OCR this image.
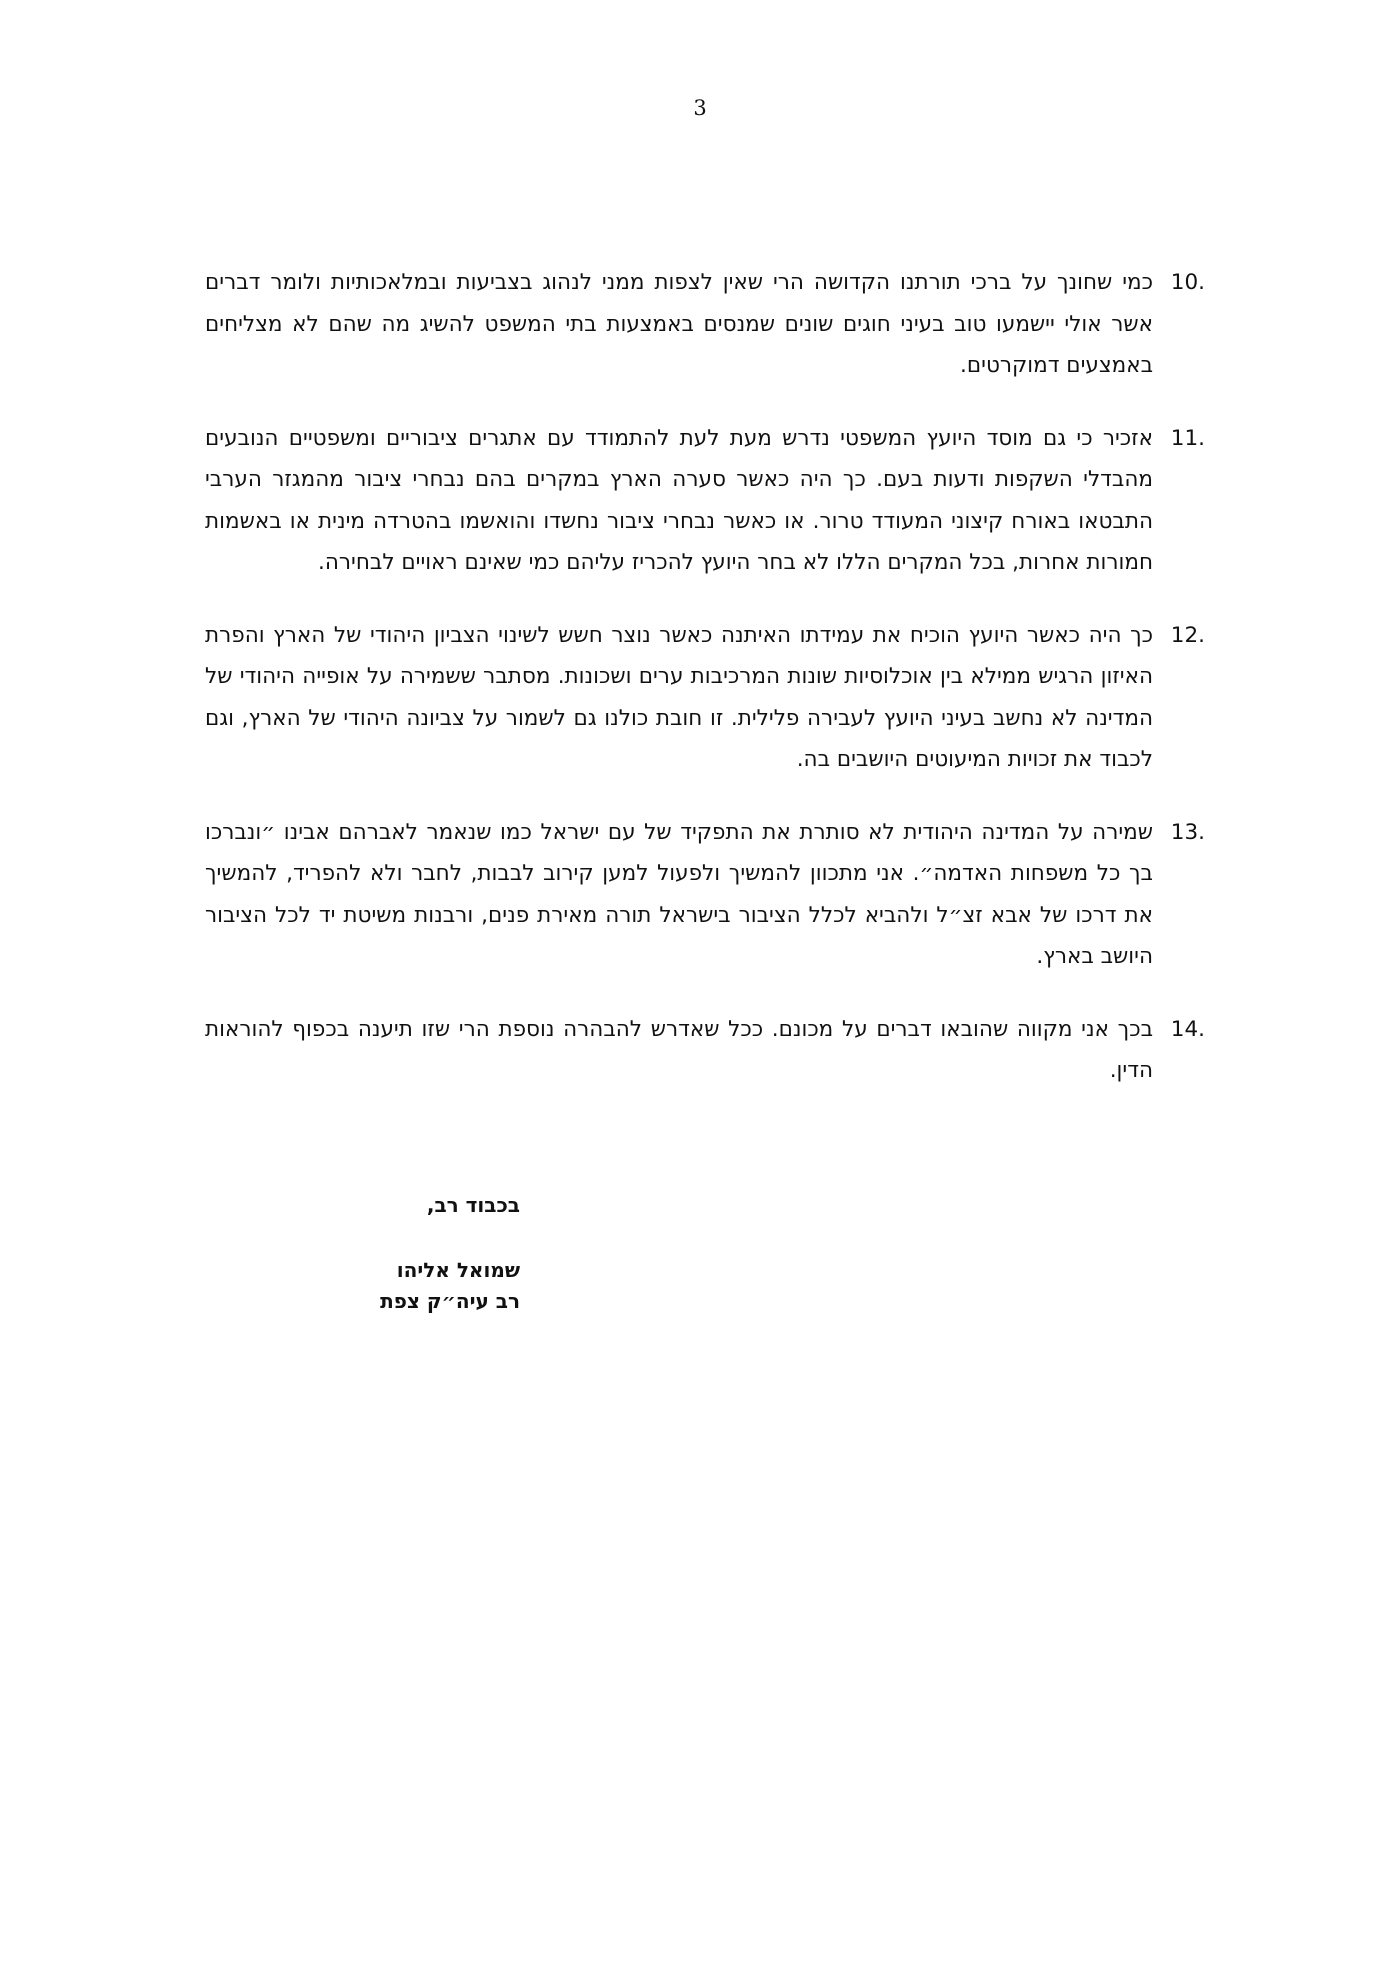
3
10.
כמי שחונך על ברכי תורתנו הקדושה הרי שאין לצפות ממני לנהוג בצביעות ובמלאכותיות ולומר דברים אשר אולי יישמעו טוב בעיני חוגים שונים שמנסים באמצעות בתי המשפט להשיג מה שהם לא מצליחים באמצעים דמוקרטים.
11.
אזכיר כי גם מוסד היועץ המשפטי נדרש מעת לעת להתמודד עם אתגרים ציבוריים ומשפטיים הנובעים מהבדלי השקפות ודעות בעם. כך היה כאשר סערה הארץ במקרים בהם נבחרי ציבור מהמגזר הערבי התבטאו באורח קיצוני המעודד טרור. או כאשר נבחרי ציבור נחשדו והואשמו בהטרדה מינית או באשמות חמורות אחרות, בכל המקרים הללו לא בחר היועץ להכריז עליהם כמי שאינם ראויים לבחירה.
12.
כך היה כאשר היועץ הוכיח את עמידתו האיתנה כאשר נוצר חשש לשינוי הצביון היהודי של הארץ והפרת האיזון הרגיש ממילא בין אוכלוסיות שונות המרכיבות ערים ושכונות. מסתבר ששמירה על אופייה היהודי של המדינה לא נחשב בעיני היועץ לעבירה פלילית. זו חובת כולנו גם לשמור על צביונה היהודי של הארץ, וגם לכבוד את זכויות המיעוטים היושבים בה.
13.
שמירה על המדינה היהודית לא סותרת את התפקיד של עם ישראל כמו שנאמר לאברהם אבינו ״ונברכו בך כל משפחות האדמה״. אני מתכוון להמשיך ולפעול למען קירוב לבבות, לחבר ולא להפריד, להמשיך את דרכו של אבא זצ״ל ולהביא לכלל הציבור בישראל תורה מאירת פנים, ורבנות משיטת יד לכל הציבור היושב בארץ.
14.
בכך אני מקווה שהובאו דברים על מכונם. ככל שאדרש להבהרה נוספת הרי שזו תיענה בכפוף להוראות הדין.
בכבוד רב,
שמואל אליהו
רב עיה״ק צפת
